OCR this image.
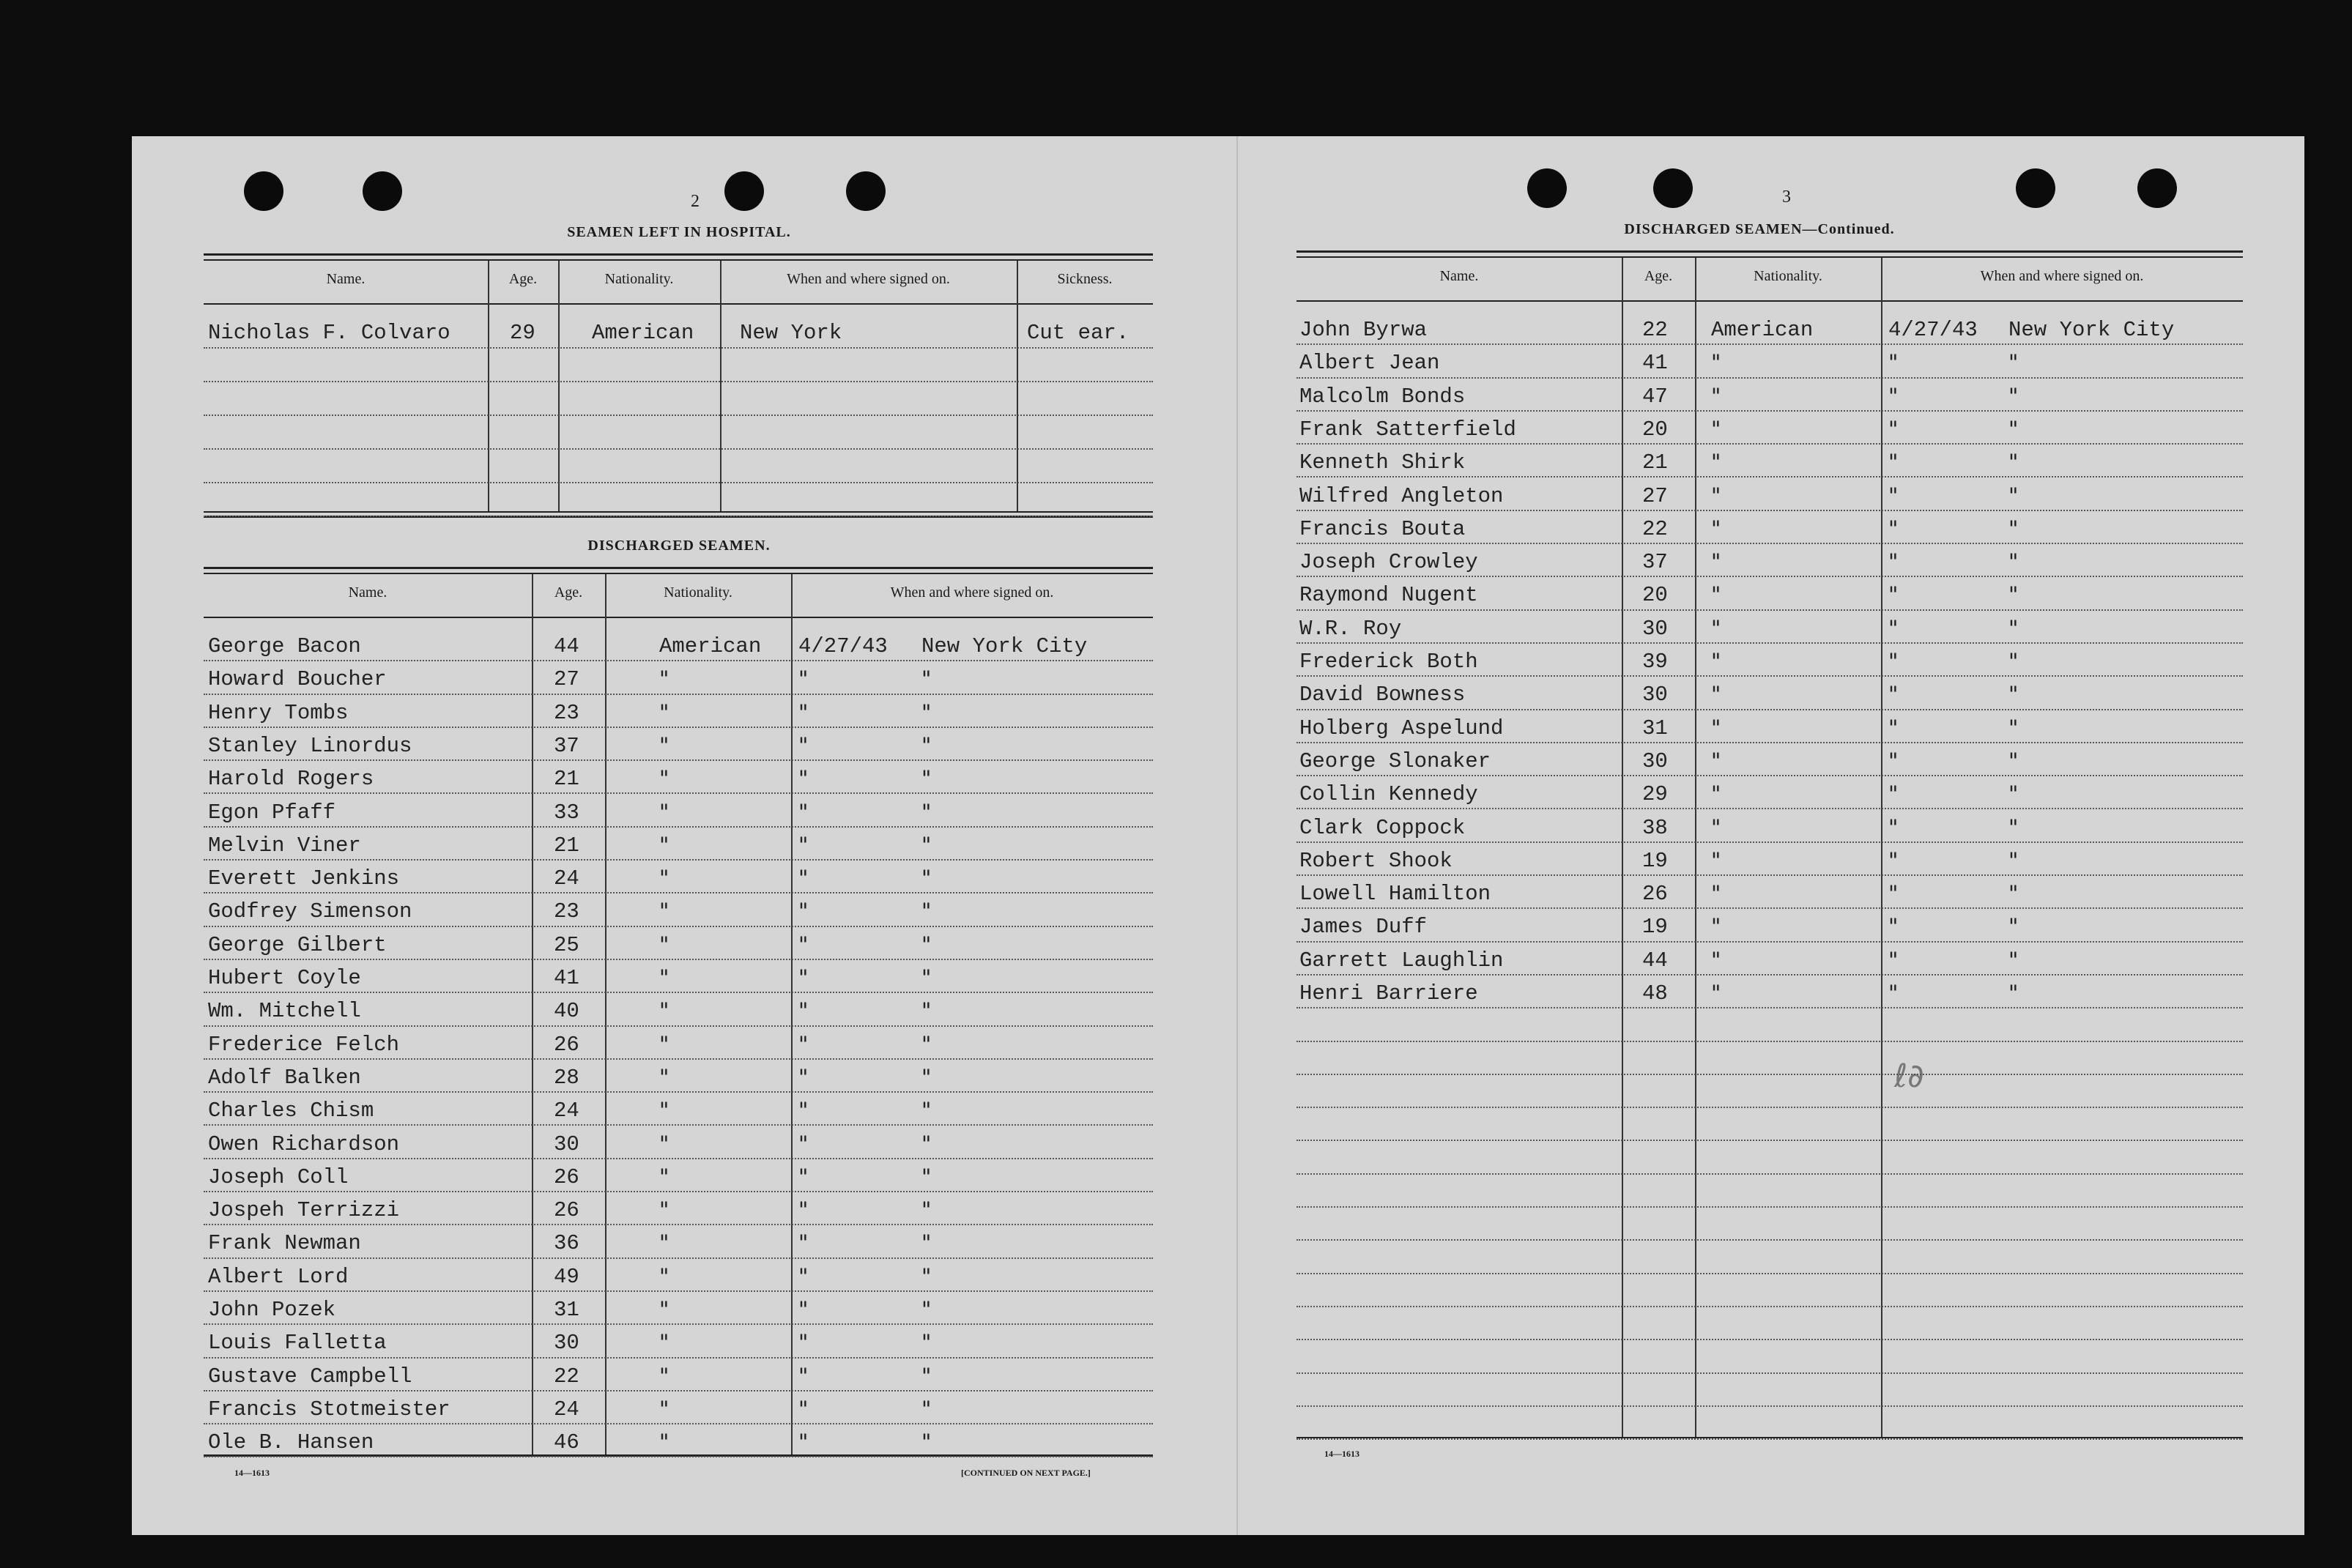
2
SEAMEN LEFT IN HOSPITAL.
DISCHARGED SEAMEN.
14—1613	[CONTINUED ON NEXT PAGE.]
3
DISCHARGED SEAMEN—Continued.
14—1613
ℓ∂
Name.	Age.	Nationality.	When and where signed on.	Sickness.
Nicholas F. Colvaro	29	American New York	Cut ear.
Name.	Age.	Nationality.	When and where signed on.
George Bacon	44	American 4/27/43 New York City
Howard Boucher	27	"	"	"
Henry Tombs	23	"	"	"
Stanley Linordus	37	"	"	"
Harold Rogers	21	"	"	"
Egon Pfaff	33	"	"	"
Melvin Viner	21	"	"	"
Everett Jenkins	24	"	"	"
Godfrey Simenson	23	"	"	"
George Gilbert	25	"	"	"
Hubert Coyle	41	"	"	"
Wm. Mitchell	40	"	"	"
Frederice Felch	26	"	"	"
Adolf Balken	28	"	"	"
Charles Chism	24	"	"	"
Owen Richardson	30	"	"	"
Joseph Coll	26	"	"	"
Jospeh Terrizzi	26	"	"	"
Frank Newman	36	"	"	"
Albert Lord	49	"	"	"
John Pozek	31	"	"	"
Louis Falletta	30	"	"	"
Gustave Campbell	22	"	"	"
Francis Stotmeister	24	"	"	"
Ole B. Hansen	46	"	"	"
Name.	Age.	Nationality.	When and where signed on.
John Byrwa	22 American	4/27/43 New York City
Albert Jean	41 "	"	"
Malcolm Bonds	47 "	"	"
Frank Satterfield	20 "	"	"
Kenneth Shirk	21 "	"	"
Wilfred Angleton	27 "	"	"
Francis Bouta	22 "	"	"
Joseph Crowley	37 "	"	"
Raymond Nugent	20 "	"	"
W.R. Roy	30 "	"	"
Frederick Both	39 "	"	"
David Bowness	30 "	"	"
Holberg Aspelund	31 "	"	"
George Slonaker	30 "	"	"
Collin Kennedy	29 "	"	"
Clark Coppock	38 "	"	"
Robert Shook	19 "	"	"
Lowell Hamilton	26 "	"	"
James Duff	19 "	"	"
Garrett Laughlin	44 "	"	"
Henri Barriere	48 "	"	"
